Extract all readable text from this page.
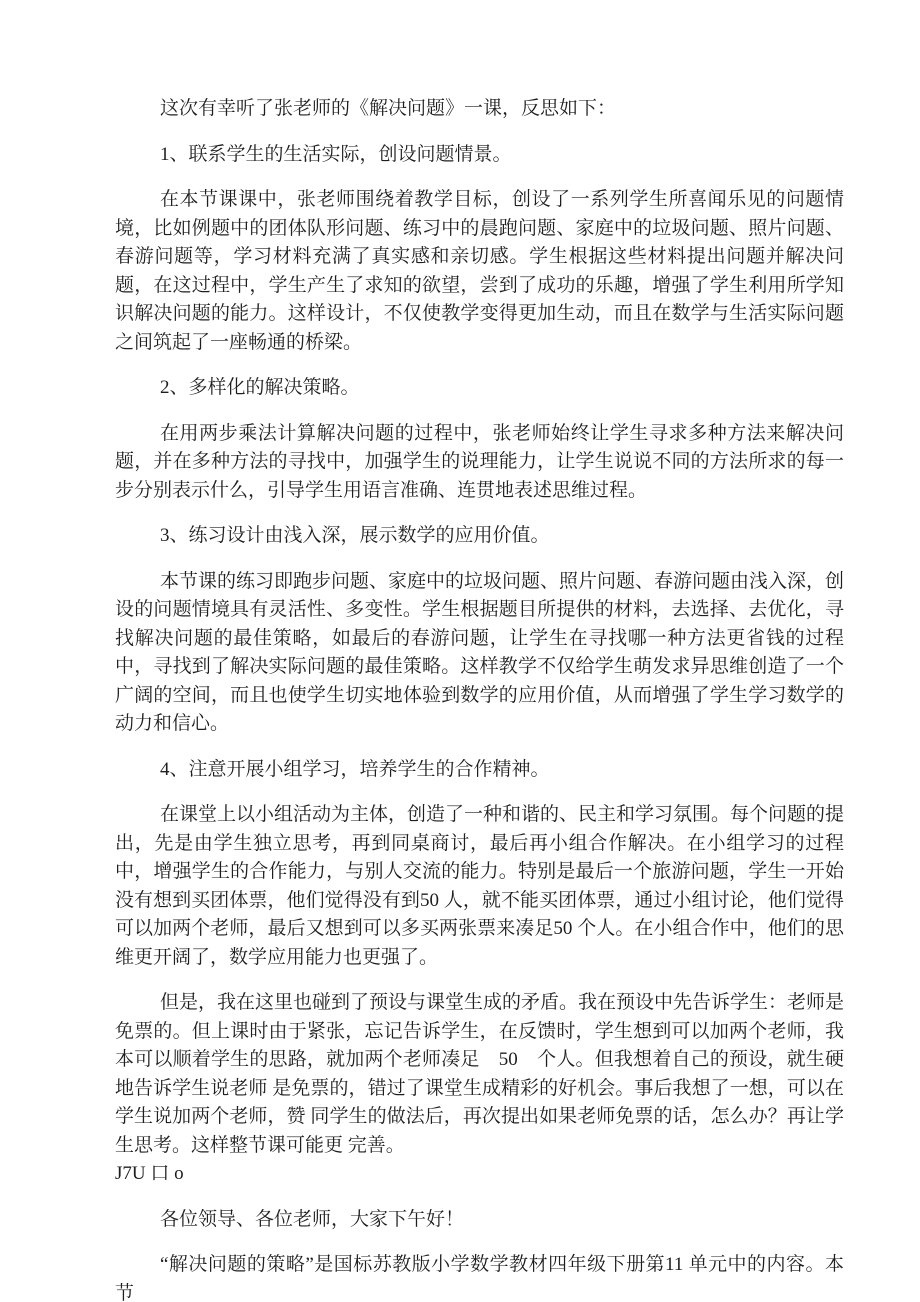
这次有幸听了张老师的《解决问题》一课，反思如下：

1、联系学生的生活实际，创设问题情景。

在本节课课中，张老师围绕着教学目标，创设了一系列学生所喜闻乐见的问题情境，比如例题中的团体队形问题、练习中的晨跑问题、家庭中的垃圾问题、照片问题、春游问题等，学习材料充满了真实感和亲切感。学生根据这些材料提出问题并解决问题，在这过程中，学生产生了求知的欲望，尝到了成功的乐趣，增强了学生利用所学知识解决问题的能力。这样设计，不仅使教学变得更加生动，而且在数学与生活实际问题之间筑起了一座畅通的桥梁。

2、多样化的解决策略。

在用两步乘法计算解决问题的过程中，张老师始终让学生寻求多种方法来解决问题，并在多种方法的寻找中，加强学生的说理能力，让学生说说不同的方法所求的每一步分别表示什么，引导学生用语言准确、连贯地表述思维过程。

3、练习设计由浅入深，展示数学的应用价值。

本节课的练习即跑步问题、家庭中的垃圾问题、照片问题、春游问题由浅入深，创设的问题情境具有灵活性、多变性。学生根据题目所提供的材料，去选择、去优化，寻找解决问题的最佳策略，如最后的春游问题，让学生在寻找哪一种方法更省钱的过程中，寻找到了解决实际问题的最佳策略。这样教学不仅给学生萌发求异思维创造了一个广阔的空间，而且也使学生切实地体验到数学的应用价值，从而增强了学生学习数学的动力和信心。

4、注意开展小组学习，培养学生的合作精神。

在课堂上以小组活动为主体，创造了一种和谐的、民主和学习氛围。每个问题的提出，先是由学生独立思考，再到同桌商讨，最后再小组合作解决。在小组学习的过程中，增强学生的合作能力，与别人交流的能力。特别是最后一个旅游问题，学生一开始没有想到买团体票，他们觉得没有到50 人，就不能买团体票，通过小组讨论，他们觉得可以加两个老师，最后又想到可以多买两张票来凑足50 个人。在小组合作中，他们的思维更开阔了，数学应用能力也更强了。

但是，我在这里也碰到了预设与课堂生成的矛盾。我在预设中先告诉学生：老师是免票的。但上课时由于紧张，忘记告诉学生，在反馈时，学生想到可以加两个老师，我本可以顺着学生的思路，就加两个老师凑足　50　个人。但我想着自己的预设，就生硬地告诉学生说老师 是免票的，错过了课堂生成精彩的好机会。事后我想了一想，可以在学生说加两个老师，赞 同学生的做法后，再次提出如果老师免票的话，怎么办？再让学生思考。这样整节课可能更 完善。

J7U 口 o

各位领导、各位老师，大家下午好！

“解决问题的策略”是国标苏教版小学数学教材四年级下册第11 单元中的内容。本节
